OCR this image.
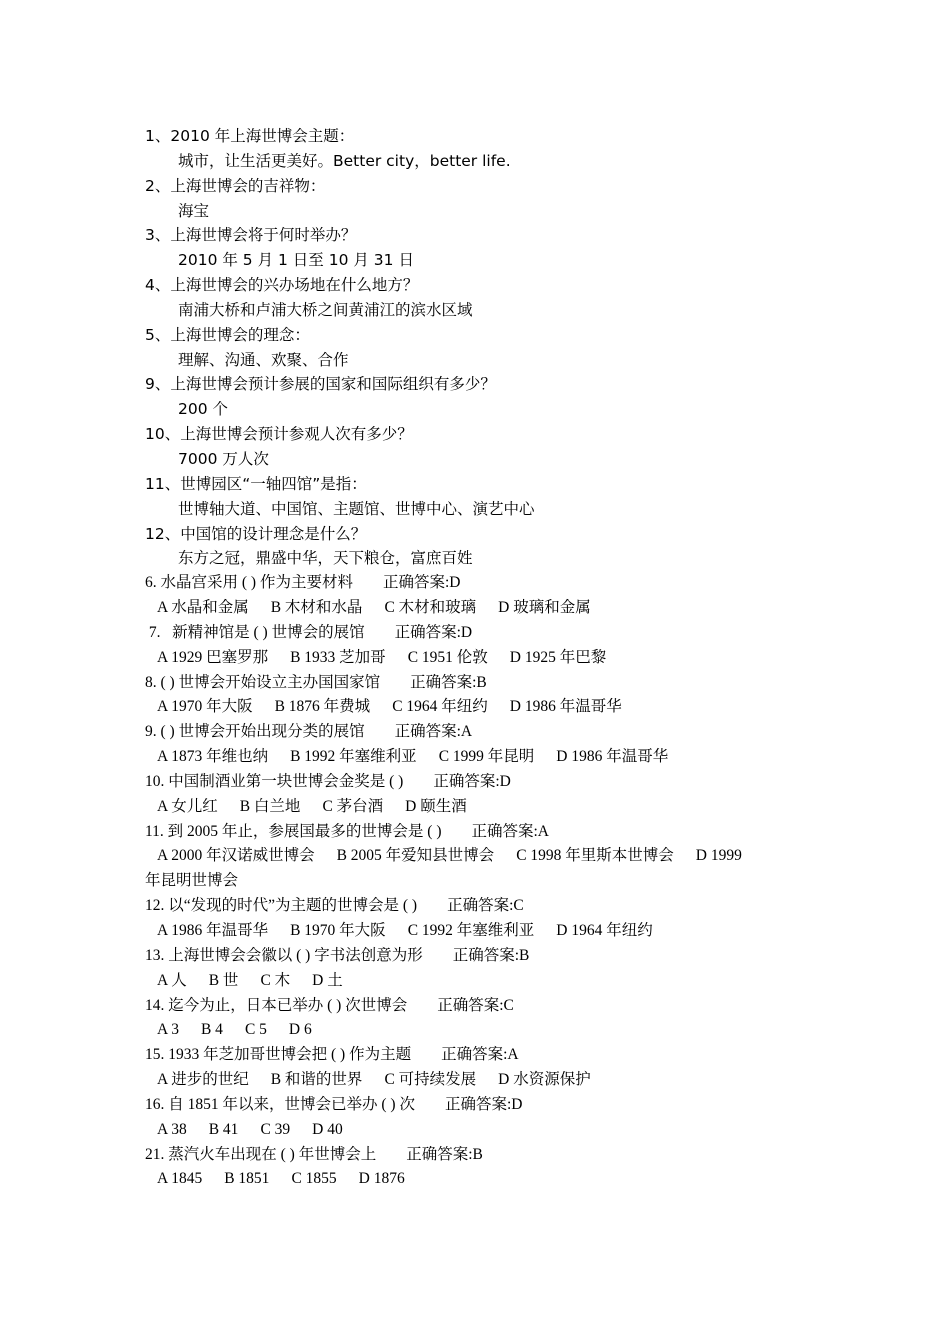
1、2010 年上海世博会主题：
城市，让生活更美好。Better city，better life.
2、上海世博会的吉祥物：
海宝
3、上海世博会将于何时举办？
2010 年 5 月 1 日至 10 月 31 日
4、上海世博会的兴办场地在什么地方？
南浦大桥和卢浦大桥之间黄浦江的滨水区域
5、上海世博会的理念：
理解、沟通、欢聚、合作
9、上海世博会预计参展的国家和国际组织有多少？
200 个
10、上海世博会预计参观人次有多少？
7000 万人次
11、世博园区“一轴四馆”是指：
世博轴大道、中国馆、主题馆、世博中心、演艺中心
12、中国馆的设计理念是什么？
东方之冠，鼎盛中华，天下粮仓，富庶百姓
6. 水晶宫采用 ( ) 作为主要材料 正确答案:D
A 水晶和金属 B 木材和水晶 C 木材和玻璃 D 玻璃和金属
7.   新精神馆是 ( ) 世博会的展馆 正确答案:D
A 1929 巴塞罗那 B 1933 芝加哥 C 1951 伦敦 D 1925 年巴黎
8. ( ) 世博会开始设立主办国国家馆 正确答案:B
A 1970 年大阪 B 1876 年费城 C 1964 年纽约 D 1986 年温哥华
9. ( ) 世博会开始出现分类的展馆 正确答案:A
A 1873 年维也纳 B 1992 年塞维利亚 C 1999 年昆明 D 1986 年温哥华
10. 中国制酒业第一块世博会金奖是 ( ) 正确答案:D
A 女儿红 B 白兰地 C 茅台酒 D 颐生酒
11. 到 2005 年止，参展国最多的世博会是 ( ) 正确答案:A
A 2000 年汉诺威世博会 B 2005 年爱知县世博会 C 1998 年里斯本世博会 D 1999
年昆明世博会
12. 以“发现的时代”为主题的世博会是 ( ) 正确答案:C
A 1986 年温哥华 B 1970 年大阪 C 1992 年塞维利亚 D 1964 年纽约
13. 上海世博会会徽以 ( ) 字书法创意为形 正确答案:B
A 人 B 世 C 木 D 土
14. 迄今为止，日本已举办 ( ) 次世博会 正确答案:C
A 3 B 4 C 5 D 6
15. 1933 年芝加哥世博会把 ( ) 作为主题 正确答案:A
A 进步的世纪 B 和谐的世界 C 可持续发展 D 水资源保护
16. 自 1851 年以来，世博会已举办 ( ) 次 正确答案:D
A 38 B 41 C 39 D 40
21. 蒸汽火车出现在 ( ) 年世博会上 正确答案:B
A 1845 B 1851 C 1855 D 1876
